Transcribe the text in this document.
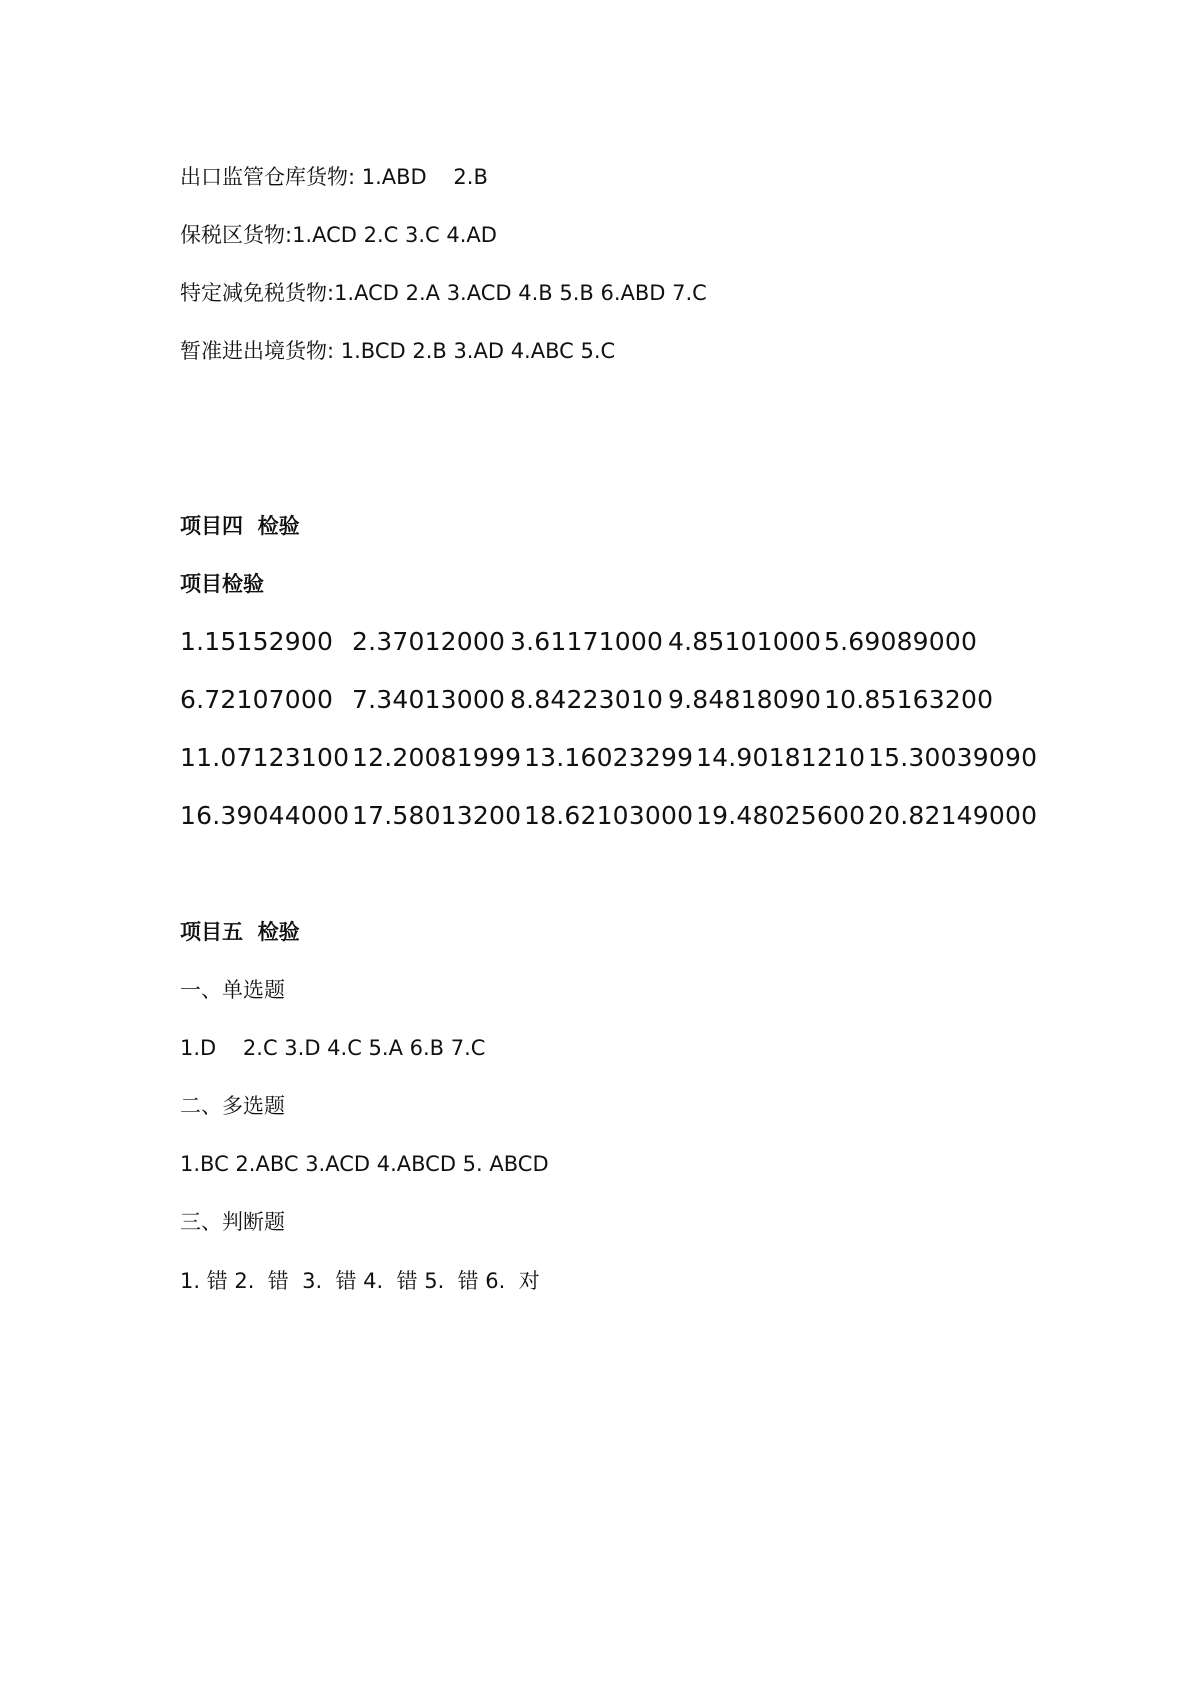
出口监管仓库货物: 1.ABD    2.B
保税区货物:1.ACD 2.C 3.C 4.AD
特定减免税货物:1.ACD 2.A 3.ACD 4.B 5.B 6.ABD 7.C
暂准进出境货物: 1.BCD 2.B 3.AD 4.ABC 5.C
项目四  检验
项目检验
1.15152900 2.37012000 3.61171000 4.85101000 5.69089000
6.72107000 7.34013000 8.84223010 9.84818090 10.85163200
11.07123100 12.20081999 13.16023299 14.90181210 15.30039090
16.39044000 17.58013200 18.62103000 19.48025600 20.82149000
项目五  检验
一、单选题
1.D    2.C 3.D 4.C 5.A 6.B 7.C
二、多选题
1.BC 2.ABC 3.ACD 4.ABCD 5. ABCD
三、判断题
1. 错 2.  错  3.  错 4.  错 5.  错 6.  对
